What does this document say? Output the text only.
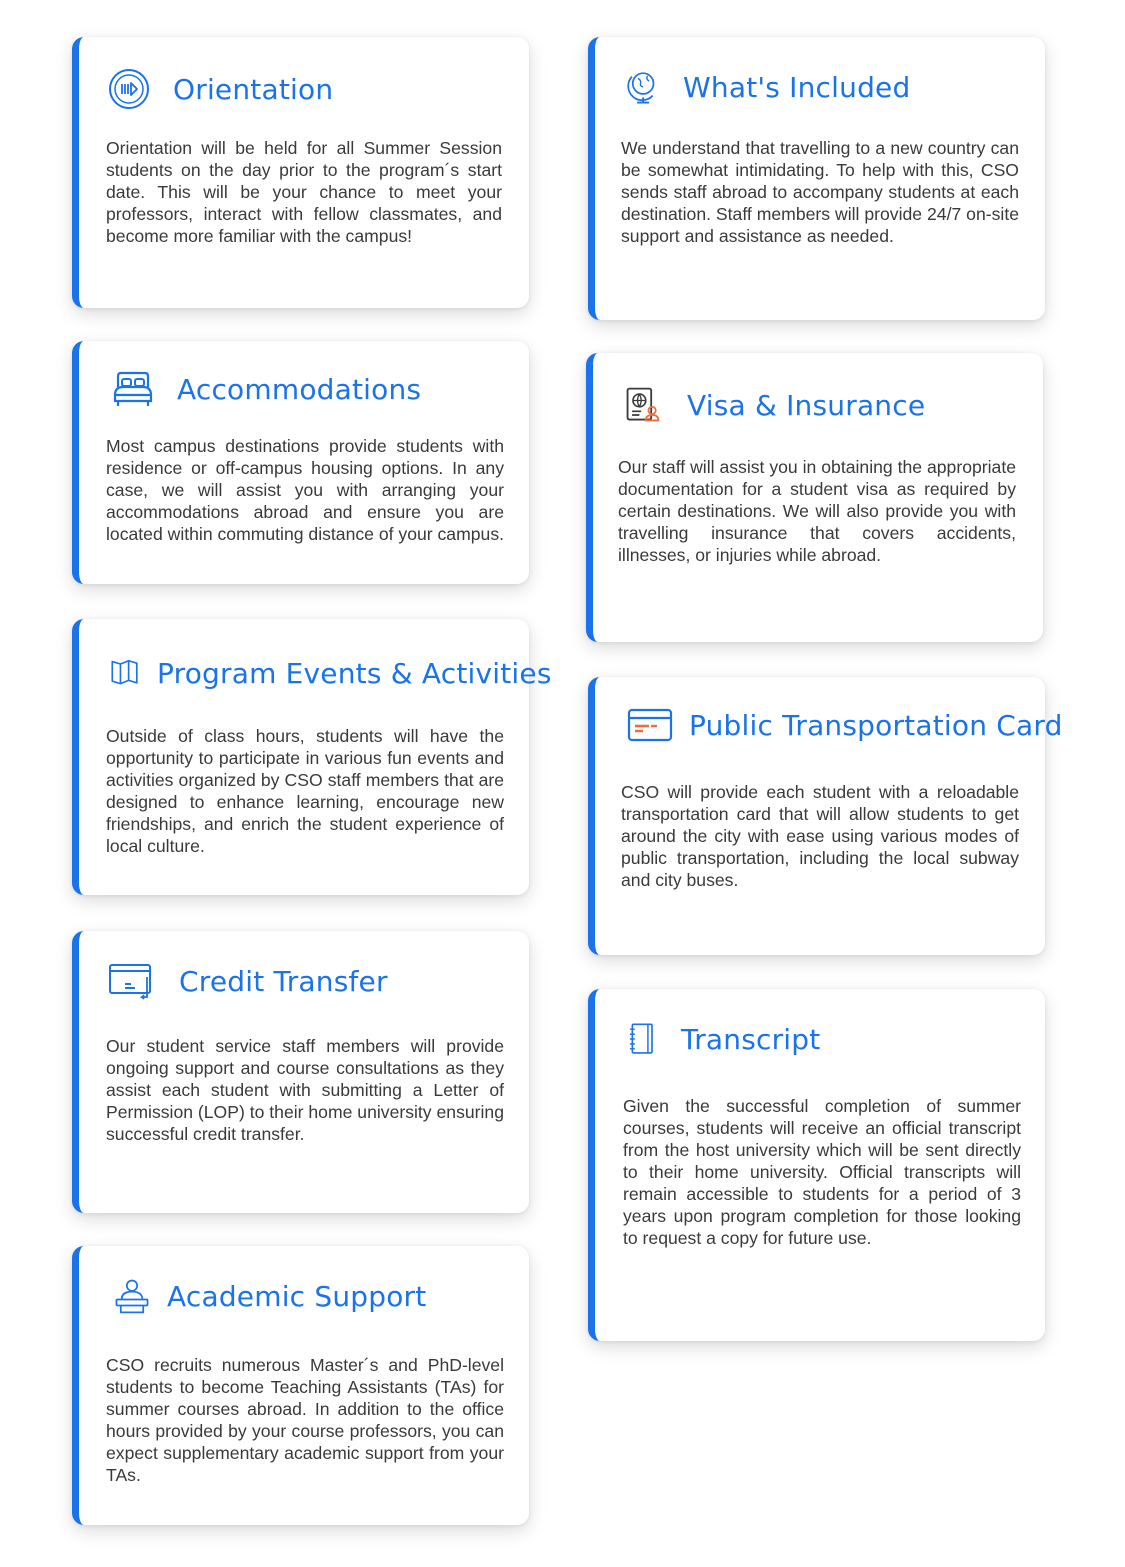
Orientation

Orientation will be held for all Summer Session students on the day prior to the program´s start date. This will be your chance to meet your professors, interact with fellow classmates, and become more familiar with the campus!

Accommodations

Most campus destinations provide students with residence or off-campus housing options. In any case, we will assist you with arranging your accommodations abroad and ensure you are located within commuting distance of your campus.

Program Events & Activities

Outside of class hours, students will have the opportunity to participate in various fun events and activities organized by CSO staff members that are designed to enhance learning, encourage new friendships, and enrich the student experience of local culture.

Credit Transfer

Our student service staff members will provide ongoing support and course consultations as they assist each student with submitting a Letter of Permission (LOP) to their home university ensuring successful credit transfer.

Academic Support

CSO recruits numerous Master´s and PhD-level students to become Teaching Assistants (TAs) for summer courses abroad. In addition to the office hours provided by your course professors, you can expect supplementary academic support from your TAs.

What's Included

We understand that travelling to a new country can be somewhat intimidating. To help with this, CSO sends staff abroad to accompany students at each destination. Staff members will provide 24/7 on-site support and assistance as needed.

Visa & Insurance

Our staff will assist you in obtaining the appropriate documentation for a student visa as required by certain destinations. We will also provide you with travelling insurance that covers accidents, illnesses, or injuries while abroad.

Public Transportation Card

CSO will provide each student with a reloadable transportation card that will allow students to get around the city with ease using various modes of public transportation, including the local subway and city buses.

Transcript

Given the successful completion of summer courses, students will receive an official transcript from the host university which will be sent directly to their home university. Official transcripts will remain accessible to students for a period of 3 years upon program completion for those looking to request a copy for future use.
